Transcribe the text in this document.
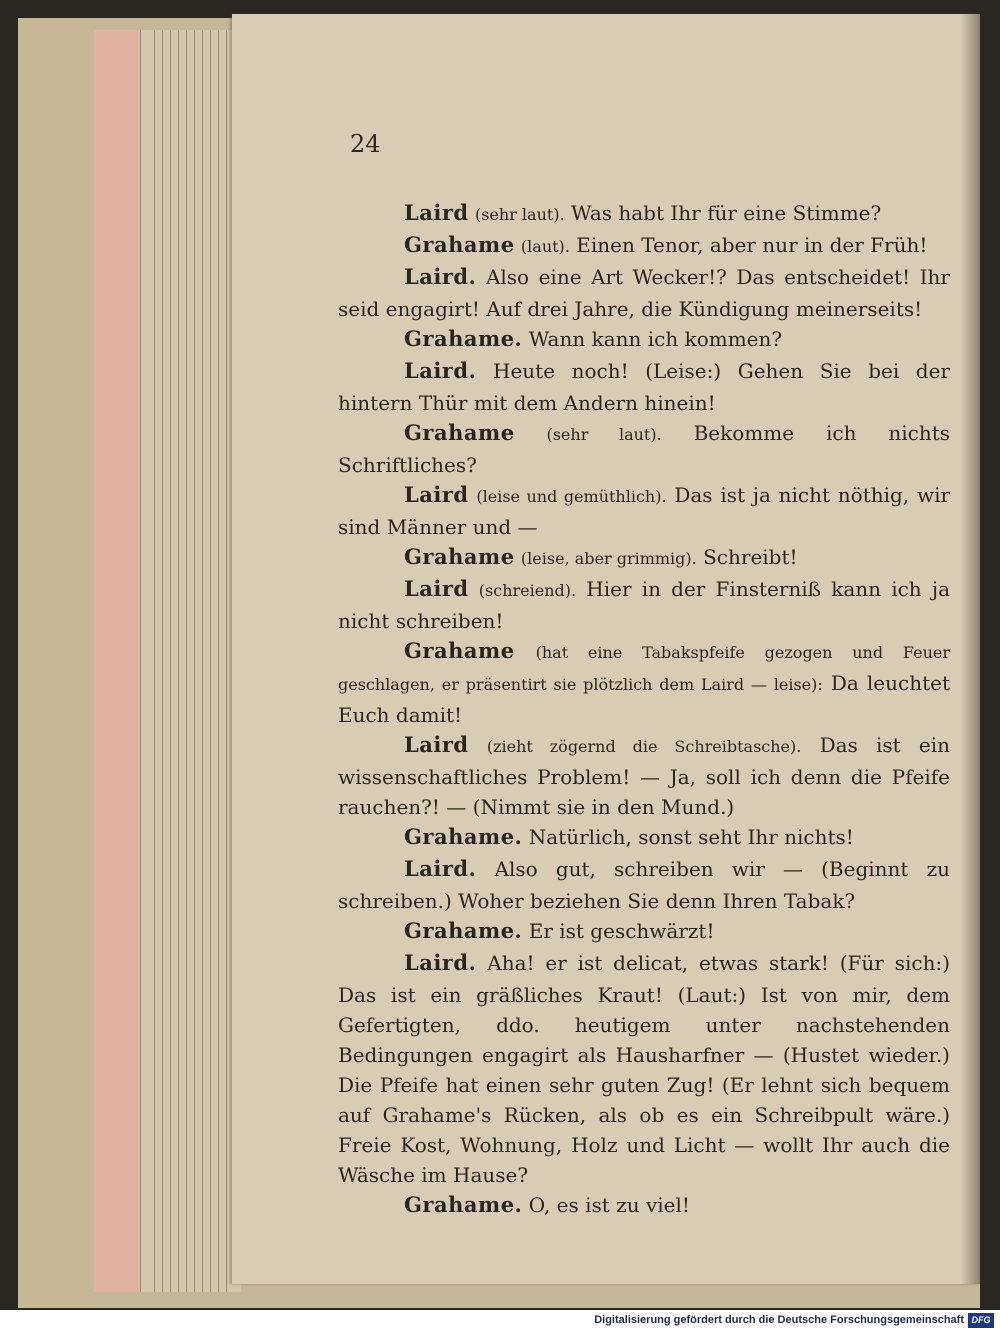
24

Laird (sehr laut). Was habt Ihr für eine Stimme?

Grahame (laut). Einen Tenor, aber nur in der Früh!

Laird. Also eine Art Wecker!? Das entscheidet! Ihr seid engagirt! Auf drei Jahre, die Kündigung meinerseits!

Grahame. Wann kann ich kommen?

Laird. Heute noch! (Leise:) Gehen Sie bei der hintern Thür mit dem Andern hinein!

Grahame (sehr laut). Bekomme ich nichts Schriftliches?

Laird (leise und gemüthlich). Das ist ja nicht nöthig, wir sind Männer und —

Grahame (leise, aber grimmig). Schreibt!

Laird (schreiend). Hier in der Finsterniß kann ich ja nicht schreiben!

Grahame (hat eine Tabakspfeife gezogen und Feuer geschlagen, er präsentirt sie plötzlich dem Laird — leise): Da leuchtet Euch damit!

Laird (zieht zögernd die Schreibtasche). Das ist ein wissenschaftliches Problem! — Ja, soll ich denn die Pfeife rauchen?! — (Nimmt sie in den Mund.)

Grahame. Natürlich, sonst seht Ihr nichts!

Laird. Also gut, schreiben wir — (Beginnt zu schreiben.) Woher beziehen Sie denn Ihren Tabak?

Grahame. Er ist geschwärzt!

Laird. Aha! er ist delicat, etwas stark! (Für sich:) Das ist ein gräßliches Kraut! (Laut:) Ist von mir, dem Gefertigten, ddo. heutigem unter nachstehenden Bedingungen engagirt als Hausharfner — (Hustet wieder.) Die Pfeife hat einen sehr guten Zug! (Er lehnt sich bequem auf Grahame's Rücken, als ob es ein Schreibpult wäre.) Freie Kost, Wohnung, Holz und Licht — wollt Ihr auch die Wäsche im Hause?

Grahame. O, es ist zu viel!

Digitalisierung gefördert durch die Deutsche Forschungsgemeinschaft DFG
